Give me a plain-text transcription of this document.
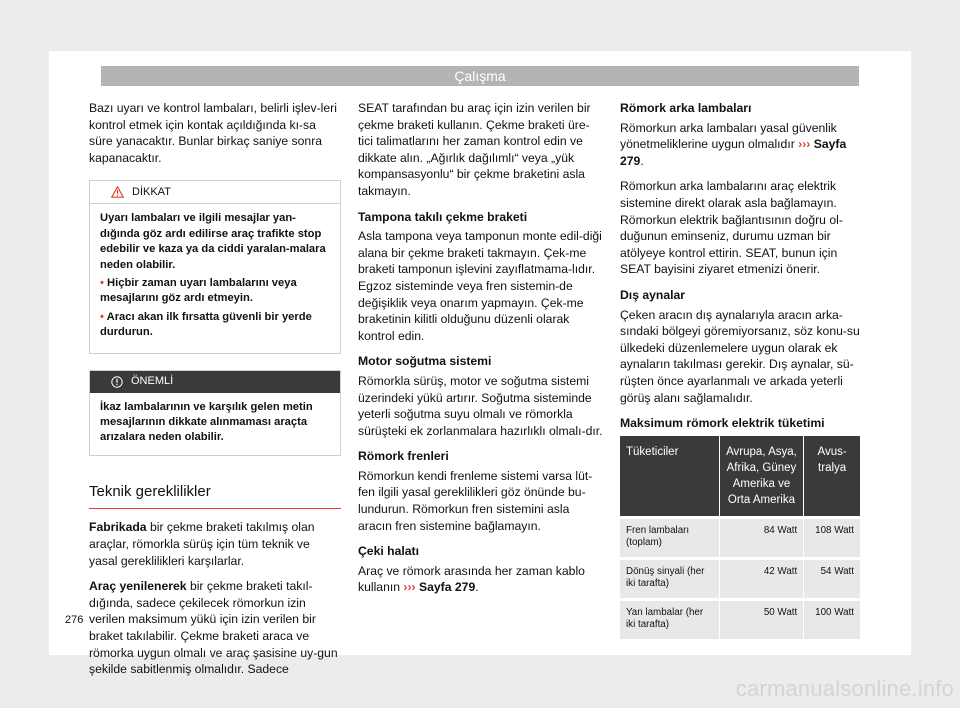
Çalışma

Bazı uyarı ve kontrol lambaları, belirli işlev-leri kontrol etmek için kontak açıldığında kı-sa süre yanacaktır. Bunlar birkaç saniye sonra kapanacaktır.

DİKKAT

Uyarı lambaları ve ilgili mesajlar yan-dığında göz ardı edilirse araç trafikte stop edebilir ve kaza ya da ciddi yaralan-malara neden olabilir.

• Hiçbir zaman uyarı lambalarını veya mesajlarını göz ardı etmeyin.

• Aracı akan ilk fırsatta güvenli bir yerde durdurun.

ÖNEMLİ
İkaz lambalarının ve karşılık gelen metin mesajlarının dikkate alınmaması araçta arızalara neden olabilir.
Teknik gereklilikler

Fabrikada bir çekme braketi takılmış olan araçlar, römorkla sürüş için tüm teknik ve yasal gereklilikleri karşılarlar.

Araç yenilenerek bir çekme braketi takıl-dığında, sadece çekilecek römorkun izin verilen maksimum yükü için izin verilen bir braket takılabilir. Çekme braketi araca ve römorka uygun olmalı ve araç şasisine uy-gun şekilde sabitlenmiş olmalıdır. Sadece

SEAT tarafından bu araç için izin verilen bir çekme braketi kullanın. Çekme braketi üre-tici talimatlarını her zaman kontrol edin ve dikkate alın. „Ağırlık dağılımlı“ veya „yük kompansasyonlu“ bir çekme braketini asla takmayın.

Tampona takılı çekme braketi

Asla tampona veya tamponun monte edil-diği alana bir çekme braketi takmayın. Çek-me braketi tamponun işlevini zayıflatmama-lıdır. Egzoz sisteminde veya fren sistemin-de değişiklik veya onarım yapmayın. Çek-me braketinin kilitli olduğunu düzenli olarak kontrol edin.

Motor soğutma sistemi

Römorkla sürüş, motor ve soğutma sistemi üzerindeki yükü artırır. Soğutma sisteminde yeterli soğutma suyu olmalı ve römorkla sürüşteki ek zorlanmalara hazırlıklı olmalı-dır.

Römork frenleri

Römorkun kendi frenleme sistemi varsa lüt-fen ilgili yasal gereklilikleri göz önünde bu-lundurun. Römorkun fren sistemini asla aracın fren sistemine bağlamayın.

Çeki halatı

Araç ve römork arasında her zaman kablo kullanın ››› Sayfa 279.

Römork arka lambaları

Römorkun arka lambaları yasal güvenlik yönetmeliklerine uygun olmalıdır ››› Sayfa 279.

Römorkun arka lambalarını araç elektrik sistemine direkt olarak asla bağlamayın. Römorkun elektrik bağlantısının doğru ol-duğunun eminseniz, durumu uzman bir atölyeye kontrol ettirin. SEAT, bunun için SEAT bayisini ziyaret etmenizi önerir.

Dış aynalar

Çeken aracın dış aynalarıyla aracın arka-sındaki bölgeyi göremiyorsanız, söz konu-su ülkedeki düzenlemelere uygun olarak ek aynaların takılması gerekir. Dış aynalar, sü-rüşten önce ayarlanmalı ve arkada yeterli görüş alanı sağlamalıdır.

Maksimum römork elektrik tüketimi
Tüketiciler	Avrupa, Asya, Afrika, Güney Amerika ve Orta Amerika	Avus-tralya
Fren lambaları (toplam)	84 Watt	108 Watt
Dönüş sinyali (her iki tarafta)	42 Watt	54 Watt
Yan lambalar (her iki tarafta)	50 Watt	100 Watt
276
carmanualsonline.info
